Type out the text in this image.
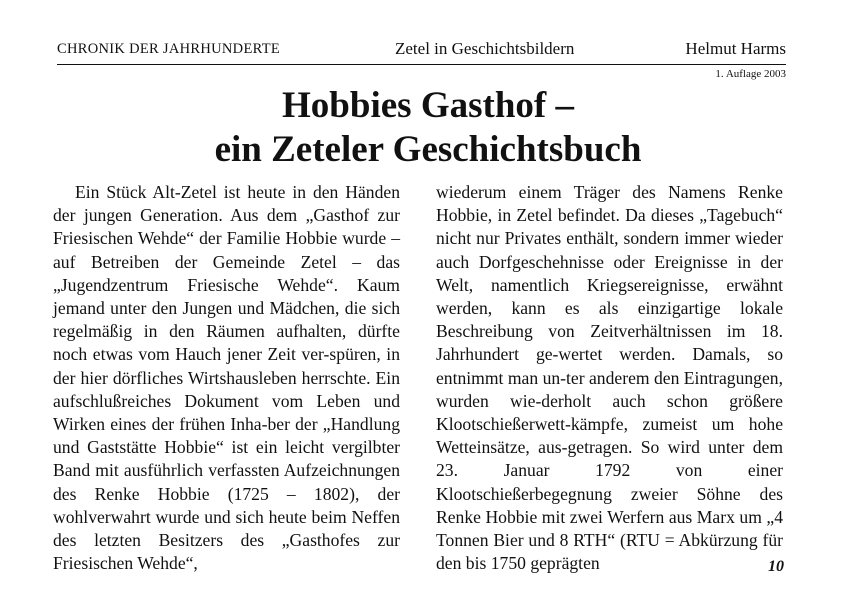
CHRONIK DER JAHRHUNDERTE	Zetel in Geschichtsbildern	Helmut Harms
1. Auflage 2003
Hobbies Gasthof –
ein Zeteler Geschichtsbuch

Ein Stück Alt-Zetel ist heute in den Händen der jungen Generation. Aus dem „Gasthof zur Friesischen Wehde“ der Familie Hobbie wurde – auf Betreiben der Gemeinde Zetel – das „Jugendzentrum Friesische Wehde“. Kaum jemand unter den Jungen und Mädchen, die sich regelmäßig in den Räumen aufhalten, dürfte noch etwas vom Hauch jener Zeit ver-spüren, in der hier dörfliches Wirtshausleben herrschte. Ein aufschlußreiches Dokument vom Leben und Wirken eines der frühen Inha-ber der „Handlung und Gaststätte Hobbie“ ist ein leicht vergilbter Band mit ausführlich verfassten Aufzeichnungen des Renke Hobbie (1725 – 1802), der wohlverwahrt wurde und sich heute beim Neffen des letzten Besitzers des „Gasthofes zur Friesischen Wehde“,

wiederum einem Träger des Namens Renke Hobbie, in Zetel befindet. Da dieses „Tagebuch“ nicht nur Privates enthält, sondern immer wieder auch Dorfgeschehnisse oder Ereignisse in der Welt, namentlich Kriegsereignisse, erwähnt werden, kann es als einzigartige lokale Beschreibung von Zeitverhältnissen im 18. Jahrhundert ge-wertet werden. Damals, so entnimmt man un-ter anderem den Eintragungen, wurden wie-derholt auch schon größere Klootschießerwett-kämpfe, zumeist um hohe Wetteinsätze, aus-getragen. So wird unter dem 23. Januar 1792 von einer Klootschießerbegegnung zweier Söhne des Renke Hobbie mit zwei Werfern aus Marx um „4 Tonnen Bier und 8 RTH“ (RTU = Abkürzung für den bis 1750 geprägten	10
